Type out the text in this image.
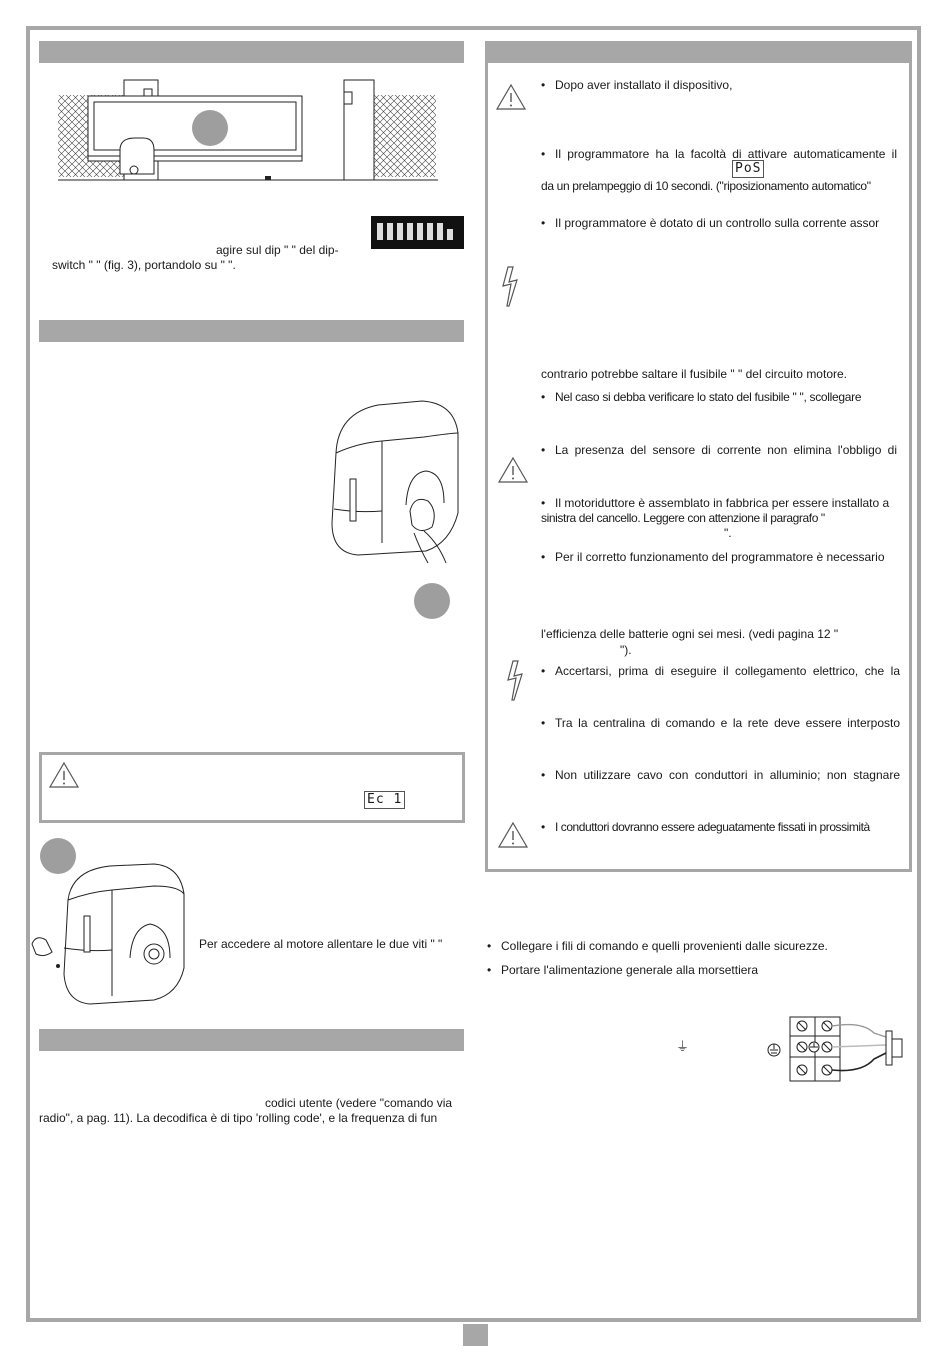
agire sul dip " " del dip-
switch " " (fig. 3), portandolo su " ".
Ec 1
Per accedere al motore allentare le due viti " "
codici utente (vedere "comando via
radio", a pag. 11). La decodifica è di tipo 'rolling code', e la frequenza di fun
• Dopo aver installato il dispositivo,
• Il programmatore ha la facoltà di attivare automaticamente il
PoS
da un prelampeggio di 10 secondi. ("riposizionamento automatico"
• Il programmatore è dotato di un controllo sulla corrente assor
contrario potrebbe saltare il fusibile " " del circuito motore.
• Nel caso si debba verificare lo stato del fusibile " ", scollegare
• La presenza del sensore di corrente non elimina l'obbligo di
• Il motoriduttore è assemblato in fabbrica per essere installato a
sinistra del cancello. Leggere con attenzione il paragrafo "
".
• Per il corretto funzionamento del programmatore è necessario
l'efficienza delle batterie ogni sei mesi. (vedi pagina 12 "
").
• Accertarsi, prima di eseguire il collegamento elettrico, che la
• Tra la centralina di comando e la rete deve essere interposto
• Non utilizzare cavo con conduttori in alluminio; non stagnare
• I conduttori dovranno essere adeguatamente fissati in prossimità
• Collegare i fili di comando e quelli provenienti dalle sicurezze.
• Portare l'alimentazione generale alla morsettiera
⏚
